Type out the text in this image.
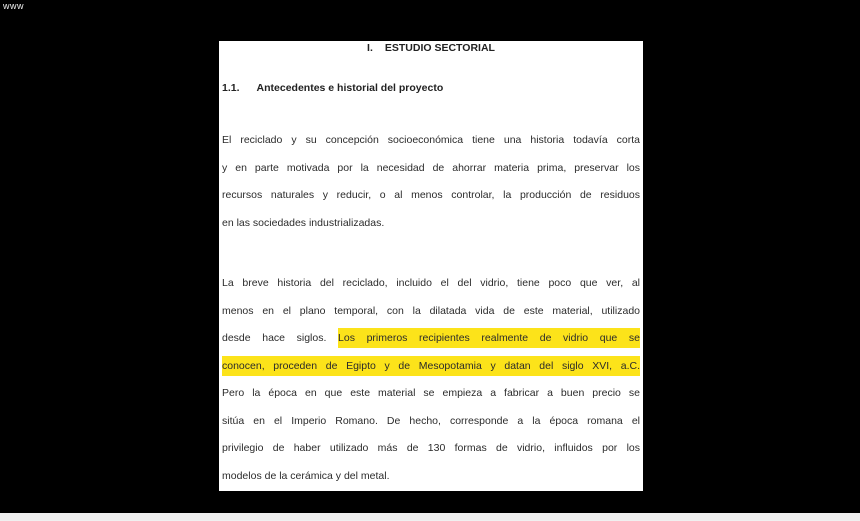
www
I. ESTUDIO SECTORIAL
1.1. Antecedentes e historial del proyecto
El reciclado y su concepción socioeconómica tiene una historia todavía corta
y en parte motivada por la necesidad de ahorrar materia prima, preservar los
recursos naturales y reducir, o al menos controlar, la producción de residuos
en las sociedades industrializadas.
La breve historia del reciclado, incluido el del vidrio, tiene poco que ver, al
menos en el plano temporal, con la dilatada vida de este material, utilizado
desde hace siglos. Los primeros recipientes realmente de vidrio que se
conocen, proceden de Egipto y de Mesopotamia y datan del siglo XVI, a.C.
Pero la época en que este material se empieza a fabricar a buen precio se
sitúa en el Imperio Romano. De hecho, corresponde a la época romana el
privilegio de haber utilizado más de 130 formas de vidrio, influidos por los
modelos de la cerámica y del metal.
